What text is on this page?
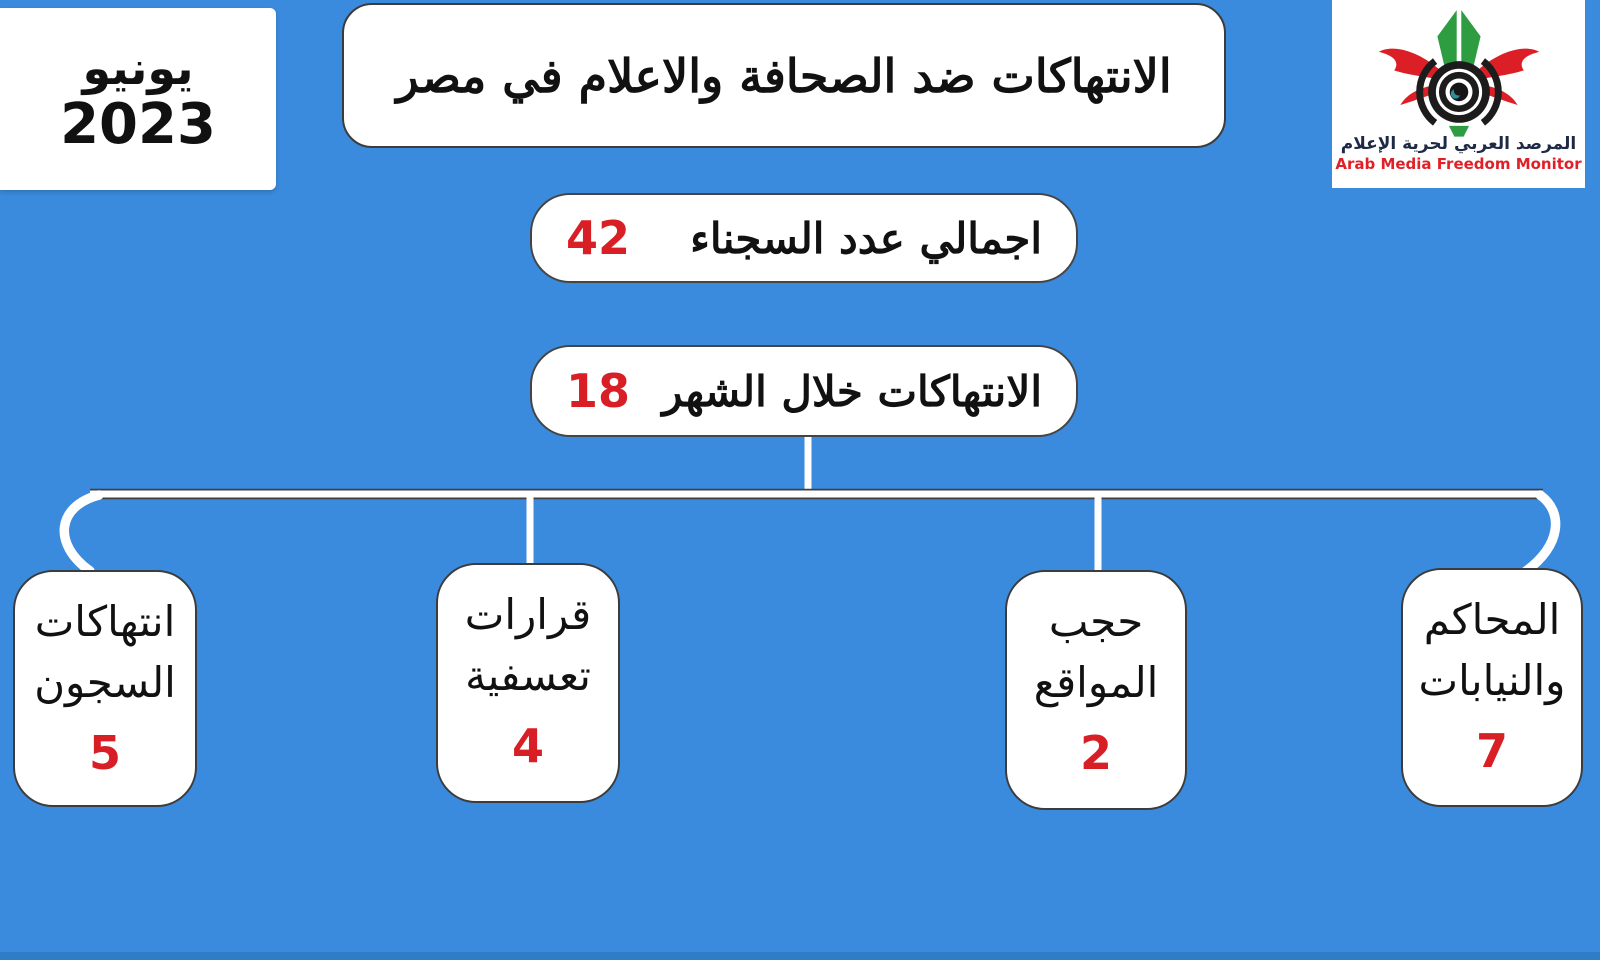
يونيو
2023
الانتهاكات ضد الصحافة والاعلام في مصر
المرصد العربي لحرية الإعلام
Arab Media Freedom Monitor
اجمالي عدد السجناء
42
الانتهاكات خلال الشهر
18
انتهاكات
السجون
5
قرارات
تعسفية
4
حجب
المواقع
2
المحاكم
والنيابات
7
